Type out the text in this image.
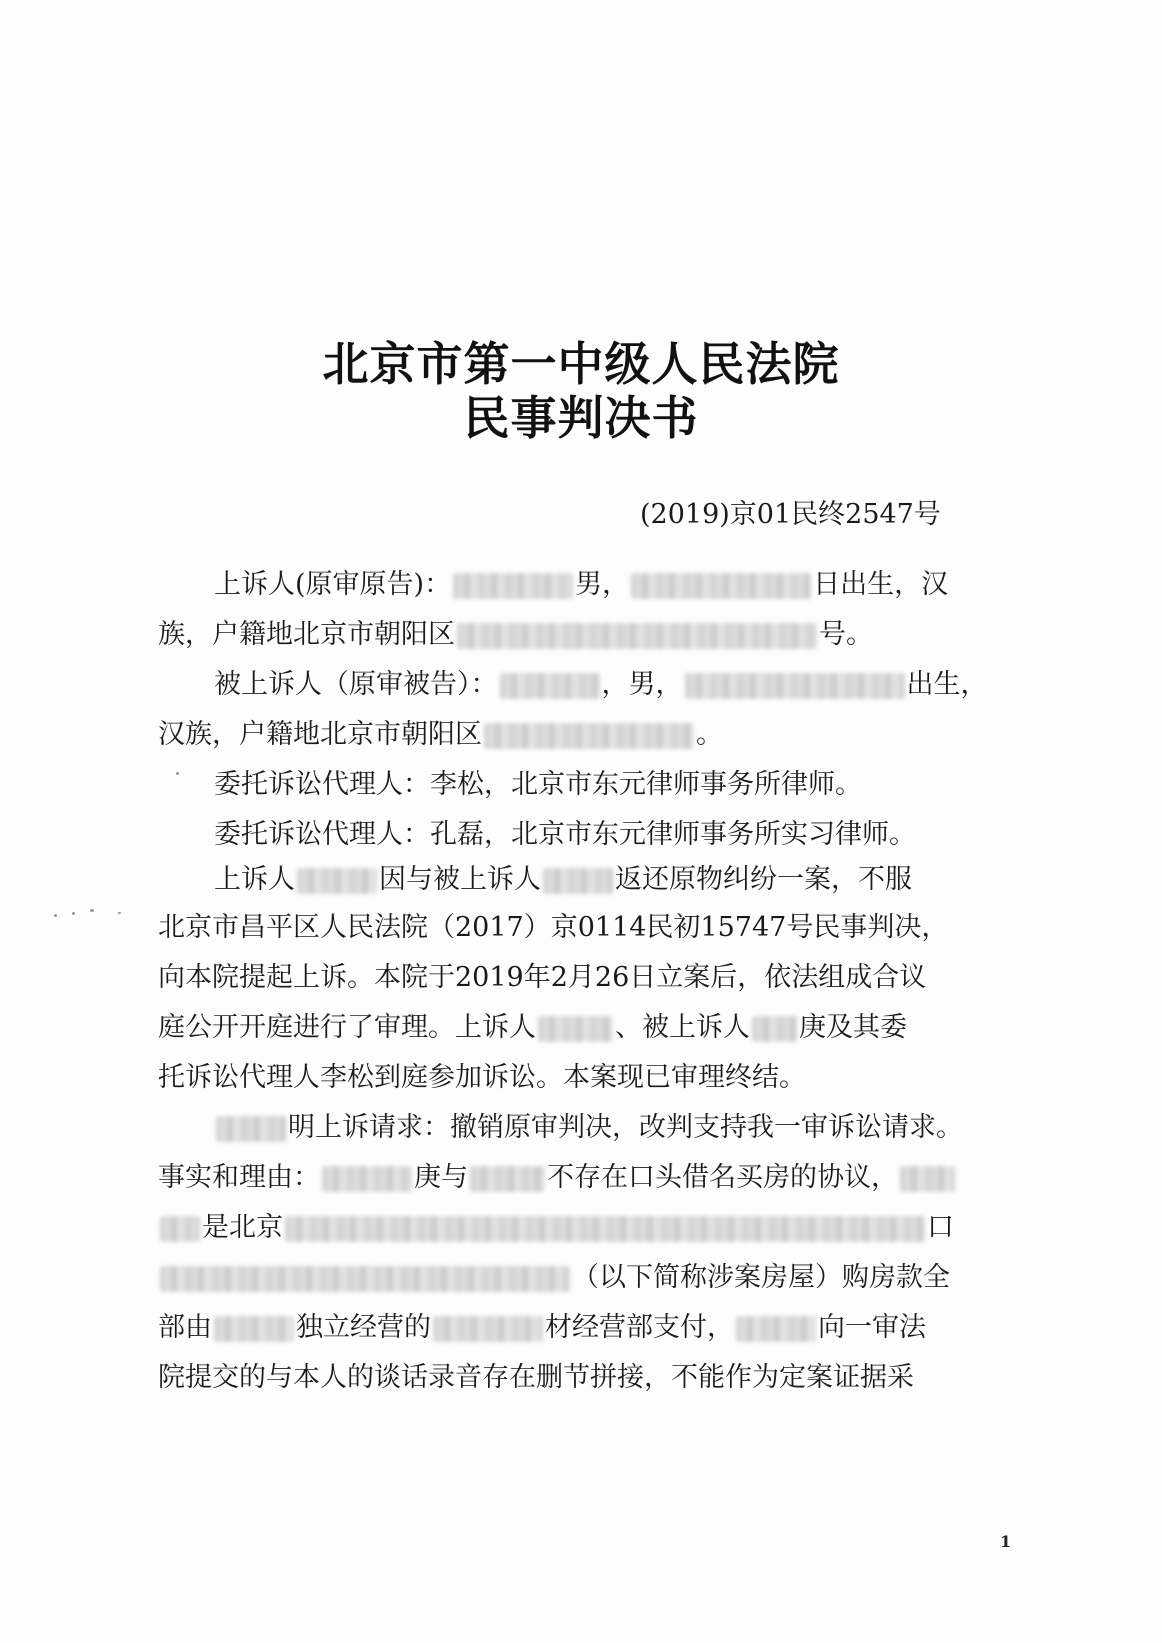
北京市第一中级人民法院
民事判决书
(2019)京01民终2547号
上诉人(原审原告)：	男，	日出生，汉
族，户籍地北京市朝阳区	号。
被上诉人（原审被告）：	，男，	出生，
汉族，户籍地北京市朝阳区	。
委托诉讼代理人：李松，北京市东元律师事务所律师。
委托诉讼代理人：孔磊，北京市东元律师事务所实习律师。
上诉人	因与被上诉人	返还原物纠纷一案，不服
北京市昌平区人民法院（2017）京0114民初15747号民事判决，
向本院提起上诉。本院于2019年2月26日立案后，依法组成合议
庭公开开庭进行了审理。上诉人	、被上诉人 庚及其委
托诉讼代理人李松到庭参加诉讼。本案现已审理终结。
明上诉请求：撤销原审判决，改判支持我一审诉讼请求。
事实和理由：	庚与	不存在口头借名买房的协议，
是北京	口
（以下简称涉案房屋）购房款全
部由	独立经营的	材经营部支付，	向一审法
院提交的与本人的谈话录音存在删节拼接，不能作为定案证据采
1
